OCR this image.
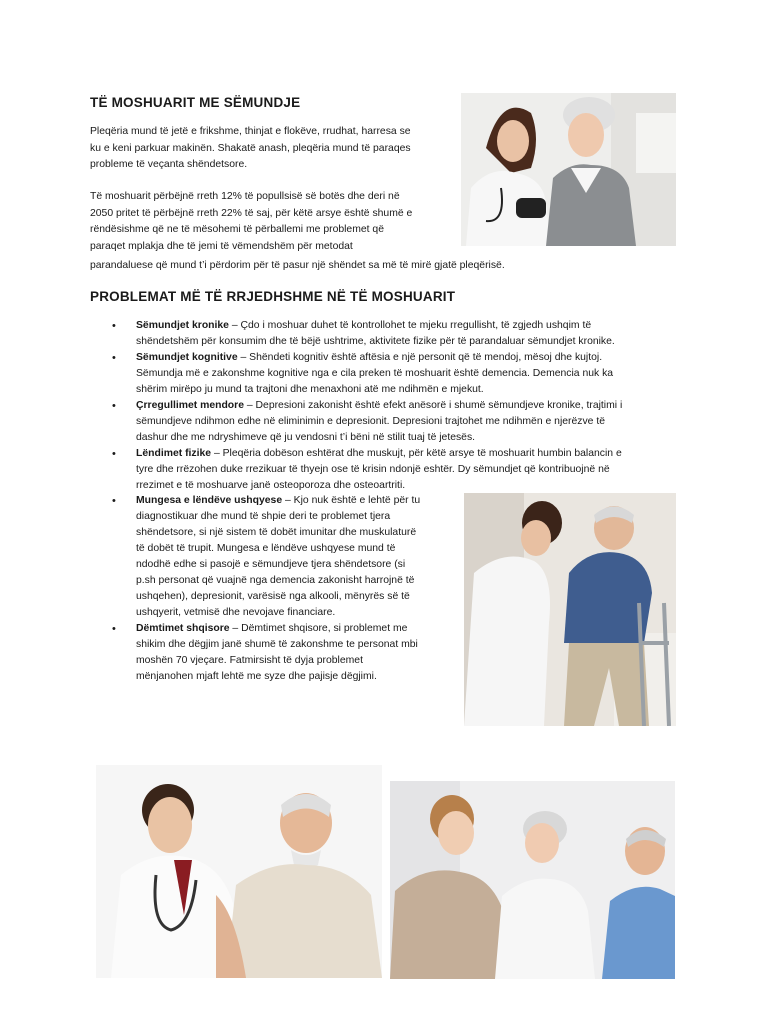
TË MOSHUARIT ME SËMUNDJE
Pleqëria mund të jetë e frikshme, thinjat e flokëve, rrudhat, harresa se
ku e keni parkuar makinën. Shakatë anash, pleqëria mund të paraqes
probleme të veçanta shëndetsore.
Të moshuarit përbëjnë rreth 12% të popullsisë së botës dhe deri në
2050 pritet të përbëjnë rreth 22% të saj, për këtë arsye është shumë e
rëndësishme që ne të mësohemi të përballemi me problemet që
paraqet mplakja dhe të jemi të vëmendshëm për metodat
parandaluese që mund t’i përdorim për të pasur një shëndet sa më të mirë gjatë pleqërisë.
PROBLEMAT MË TË RRJEDHSHME NË TË MOSHUARIT
• Sëmundjet kronike – Çdo i moshuar duhet të kontrollohet te mjeku rregullisht, të zgjedh ushqim të
shëndetshëm për konsumim dhe të bëjë ushtrime, aktivitete fizike për të parandaluar sëmundjet kronike.
• Sëmundjet kognitive – Shëndeti kognitiv është aftësia e një personit që të mendoj, mësoj dhe kujtoj.
Sëmundja më e zakonshme kognitive nga e cila preken të moshuarit është demencia. Demencia nuk ka
shërim mirëpo ju mund ta trajtoni dhe menaxhoni atë me ndihmën e mjekut.
• Çrregullimet mendore – Depresioni zakonisht është efekt anësorë i shumë sëmundjeve kronike, trajtimi i
sëmundjeve ndihmon edhe në eliminimin e depresionit. Depresioni trajtohet me ndihmën e njerëzve të
dashur dhe me ndryshimeve që ju vendosni t’i bëni në stilit tuaj të jetesës.
• Lëndimet fizike – Pleqëria dobëson eshtërat dhe muskujt, për këtë arsye të moshuarit humbin balancin e
tyre dhe rrëzohen duke rrezikuar të thyejn ose të krisin ndonjë eshtër. Dy sëmundjet që kontribuojnë në
rrezimet e të moshuarve janë osteoporoza dhe osteoartriti.
• Mungesa e lëndëve ushqyese – Kjo nuk është e lehtë për tu
diagnostikuar dhe mund të shpie deri te problemet tjera
shëndetsore, si një sistem të dobët imunitar dhe muskulaturë
të dobët të trupit. Mungesa e lëndëve ushqyese mund të
ndodhë edhe si pasojë e sëmundjeve tjera shëndetsore (si
p.sh personat që vuajnë nga demencia zakonisht harrojnë të
ushqehen), depresionit, varësisë nga alkooli, mënyrës së të
ushqyerit, vetmisë dhe nevojave financiare.
• Dëmtimet shqisore – Dëmtimet shqisore, si problemet me
shikim dhe dëgjim janë shumë të zakonshme te personat mbi
moshën 70 vjeçare. Fatmirsisht të dyja problemet
mënjanohen mjaft lehtë me syze dhe pajisje dëgjimi.
